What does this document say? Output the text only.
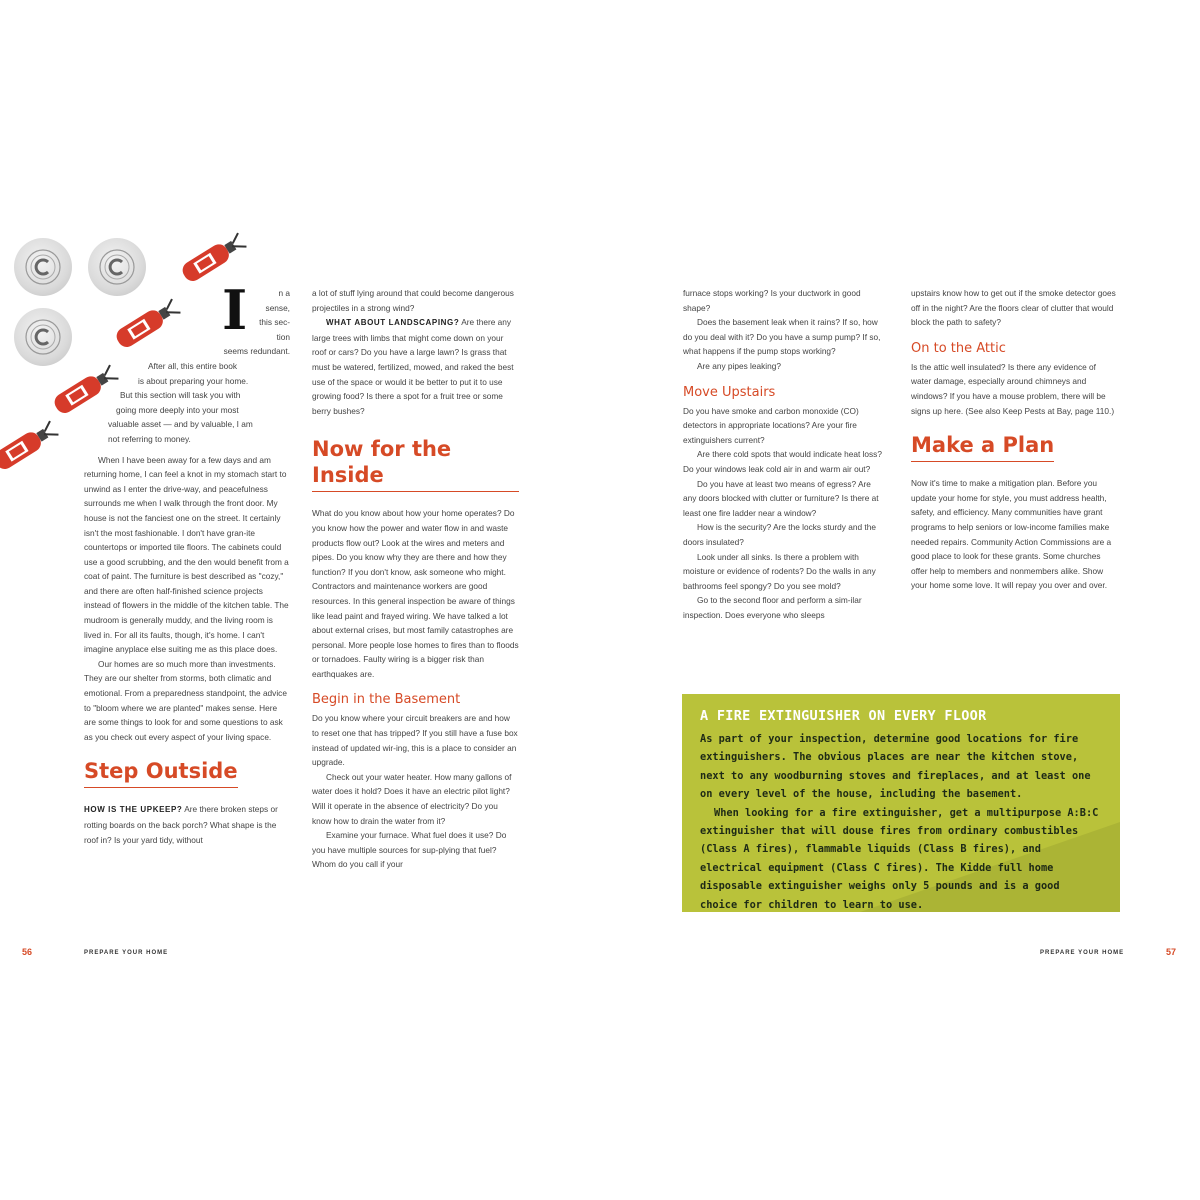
I	n a
sense,
this sec-
tion seems redundant.
After all, this entire book
is about preparing your home.
But this section will task you with
going more deeply into your most
valuable asset — and by valuable, I am
not referring to money.

When I have been away for a few days and am returning home, I can feel a knot in my stomach start to unwind as I enter the drive-way, and peacefulness surrounds me when I walk through the front door. My house is not the fanciest one on the street. It certainly isn't the most fashionable. I don't have gran-ite countertops or imported tile floors. The cabinets could use a good scrubbing, and the den would benefit from a coat of paint. The furniture is best described as "cozy," and there are often half-finished science projects instead of flowers in the middle of the kitchen table. The mudroom is generally muddy, and the living room is lived in. For all its faults, though, it's home. I can't imagine anyplace else suiting me as this place does.

Our homes are so much more than investments. They are our shelter from storms, both climatic and emotional. From a preparedness standpoint, the advice to "bloom where we are planted" makes sense. Here are some things to look for and some questions to ask as you check out every aspect of your living space.

Step Outside

HOW IS THE UPKEEP? Are there broken steps or rotting boards on the back porch? What shape is the roof in? Is your yard tidy, without

a lot of stuff lying around that could become dangerous projectiles in a strong wind?

WHAT ABOUT LANDSCAPING? Are there any large trees with limbs that might come down on your roof or cars? Do you have a large lawn? Is grass that must be watered, fertilized, mowed, and raked the best use of the space or would it be better to put it to use growing food? Is there a spot for a fruit tree or some berry bushes?

Now for the Inside

What do you know about how your home operates? Do you know how the power and water flow in and waste products flow out? Look at the wires and meters and pipes. Do you know why they are there and how they function? If you don't know, ask someone who might. Contractors and maintenance workers are good resources. In this general inspection be aware of things like lead paint and frayed wiring. We have talked a lot about external crises, but most family catastrophes are personal. More people lose homes to fires than to floods or tornadoes. Faulty wiring is a bigger risk than earthquakes are.

Begin in the Basement

Do you know where your circuit breakers are and how to reset one that has tripped? If you still have a fuse box instead of updated wir-ing, this is a place to consider an upgrade.

Check out your water heater. How many gallons of water does it hold? Does it have an electric pilot light? Will it operate in the absence of electricity? Do you know how to drain the water from it?

Examine your furnace. What fuel does it use? Do you have multiple sources for sup-plying that fuel? Whom do you call if your

furnace stops working? Is your ductwork in good shape?

Does the basement leak when it rains? If so, how do you deal with it? Do you have a sump pump? If so, what happens if the pump stops working?

Are any pipes leaking?

Move Upstairs

Do you have smoke and carbon monoxide (CO) detectors in appropriate locations? Are your fire extinguishers current?

Are there cold spots that would indicate heat loss? Do your windows leak cold air in and warm air out?

Do you have at least two means of egress? Are any doors blocked with clutter or furniture? Is there at least one fire ladder near a window?

How is the security? Are the locks sturdy and the doors insulated?

Look under all sinks. Is there a problem with moisture or evidence of rodents? Do the walls in any bathrooms feel spongy? Do you see mold?

Go to the second floor and perform a sim-ilar inspection. Does everyone who sleeps

upstairs know how to get out if the smoke detector goes off in the night? Are the floors clear of clutter that would block the path to safety?

On to the Attic

Is the attic well insulated? Is there any evidence of water damage, especially around chimneys and windows? If you have a mouse problem, there will be signs up here. (See also Keep Pests at Bay, page 110.)

Make a Plan

Now it's time to make a mitigation plan. Before you update your home for style, you must address health, safety, and efficiency. Many communities have grant programs to help seniors or low-income families make needed repairs. Community Action Commissions are a good place to look for these grants. Some churches offer help to members and nonmembers alike. Show your home some love. It will repay you over and over.

A FIRE EXTINGUISHER ON EVERY FLOOR

As part of your inspection, determine good locations for fire extinguishers. The obvious places are near the kitchen stove, next to any woodburning stoves and fireplaces, and at least one on every level of the house, including the basement.

When looking for a fire extinguisher, get a multipurpose A:B:C extinguisher that will douse fires from ordinary combustibles (Class A fires), flammable liquids (Class B fires), and electrical equipment (Class C fires). The Kidde full home disposable extinguisher weighs only 5 pounds and is a good choice for children to learn to use.

56	PREPARE YOUR HOME	PREPARE YOUR HOME	57
